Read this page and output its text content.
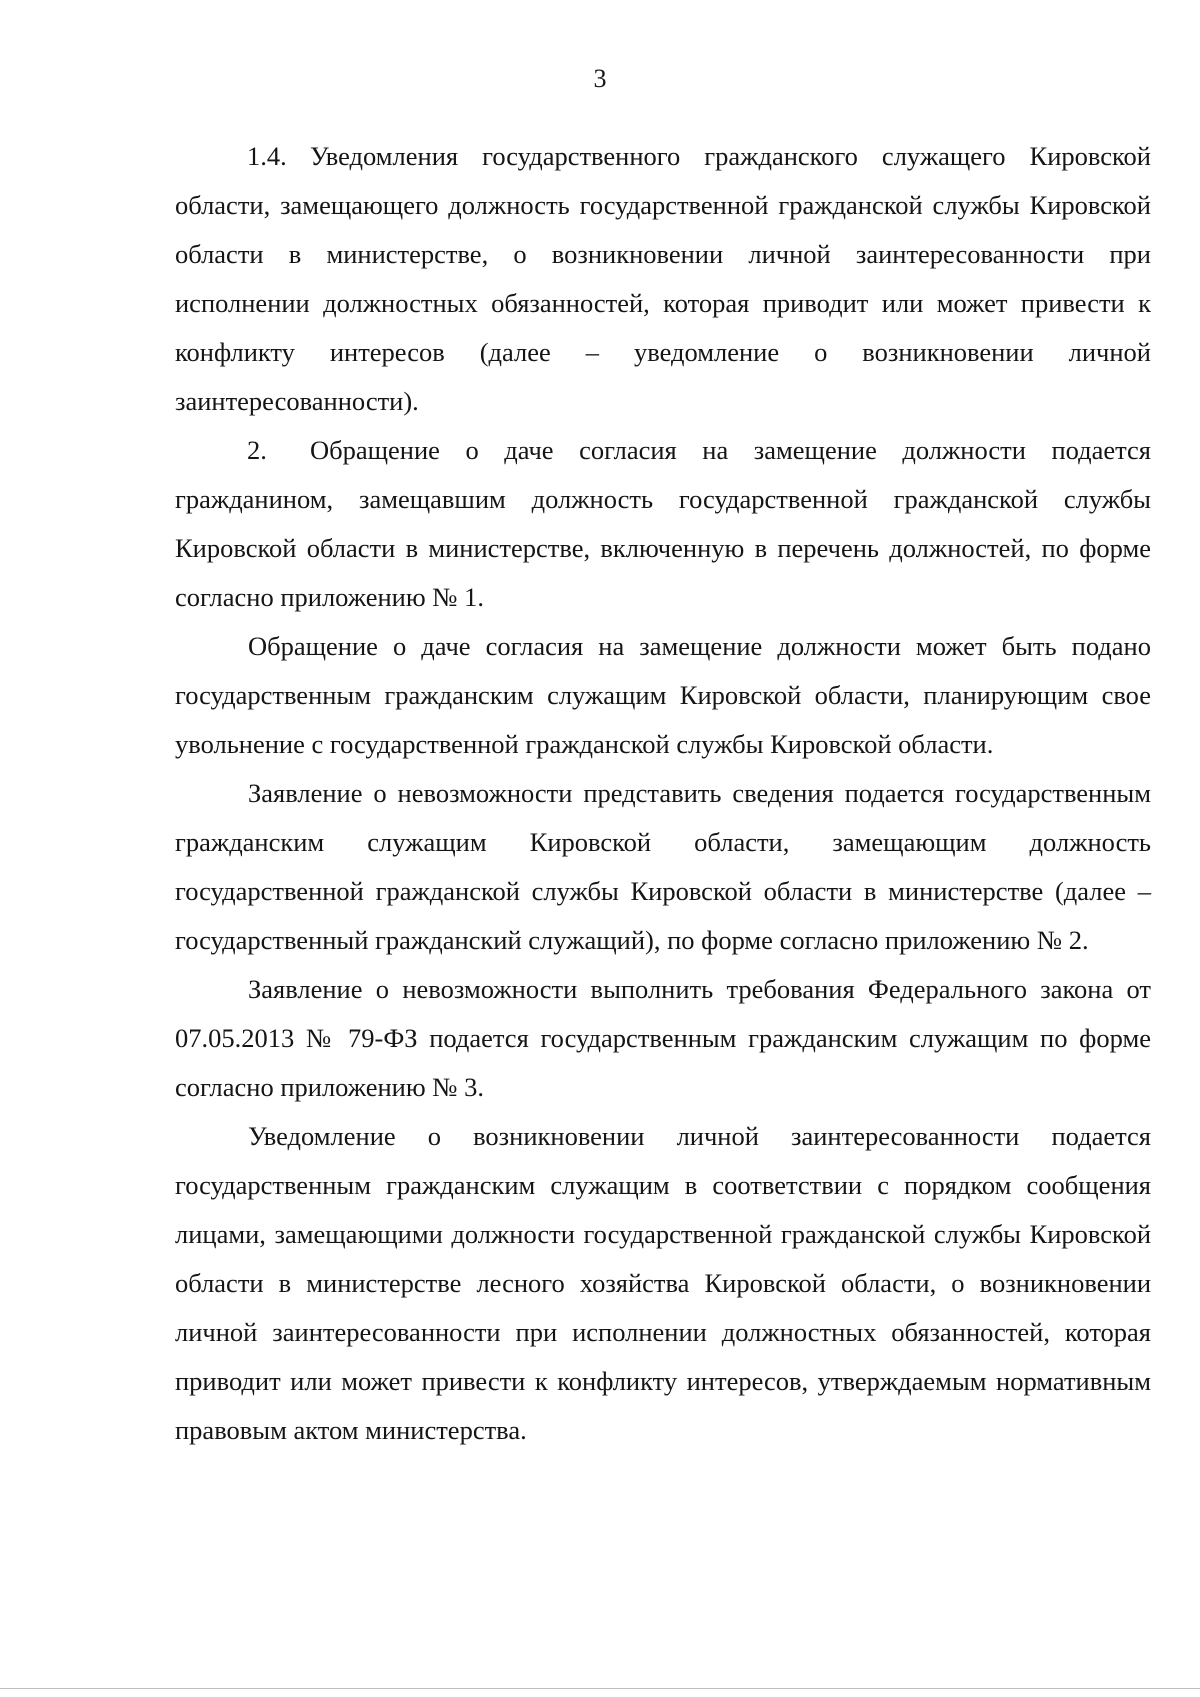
3

1.4. Уведомления государственного гражданского служащего Кировской области, замещающего должность государственной гражданской службы Кировской области в министерстве, о возникновении личной заинтересованности при исполнении должностных обязанностей, которая приводит или может привести к конфликту интересов (далее – уведомление о возникновении личной заинтересованности).

2. Обращение о даче согласия на замещение должности подается гражданином, замещавшим должность государственной гражданской службы Кировской области в министерстве, включенную в перечень должностей, по форме согласно приложению № 1.

Обращение о даче согласия на замещение должности может быть подано государственным гражданским служащим Кировской области, планирующим свое увольнение с государственной гражданской службы Кировской области.

Заявление о невозможности представить сведения подается государственным гражданским служащим Кировской области, замещающим должность государственной гражданской службы Кировской области в министерстве (далее – государственный гражданский служащий), по форме согласно приложению № 2.

Заявление о невозможности выполнить требования Федерального закона от 07.05.2013 № 79-ФЗ подается государственным гражданским служащим по форме согласно приложению № 3.

Уведомление о возникновении личной заинтересованности подается государственным гражданским служащим в соответствии с порядком сообщения лицами, замещающими должности государственной гражданской службы Кировской области в министерстве лесного хозяйства Кировской области, о возникновении личной заинтересованности при исполнении должностных обязанностей, которая приводит или может привести к конфликту интересов, утверждаемым нормативным правовым актом министерства.
